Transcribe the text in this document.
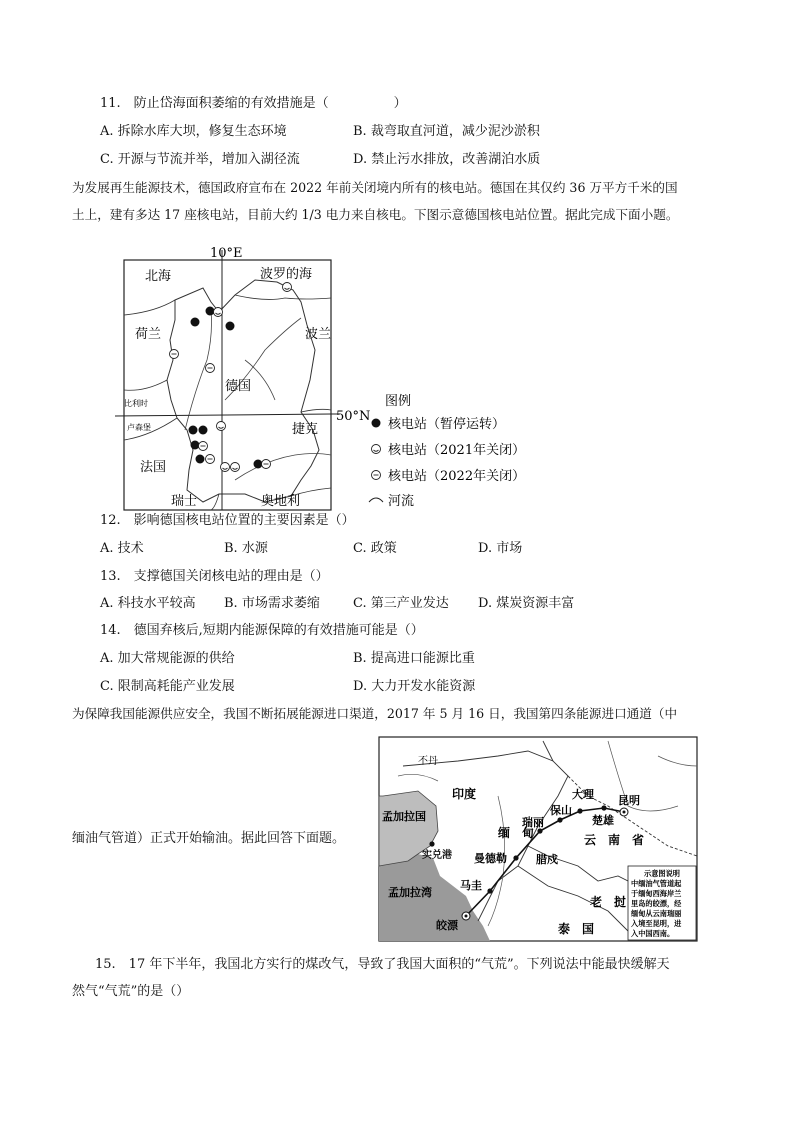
11.　防止岱海面积萎缩的有效措施是（　　　　　）
A. 拆除水库大坝，修复生态环境	B. 裁弯取直河道，减少泥沙淤积
C. 开源与节流并举，增加入湖径流	D. 禁止污水排放，改善湖泊水质
为发展再生能源技术，德国政府宣布在 2022 年前关闭境内所有的核电站。德国在其仅约 36 万平方千米的国
土上，建有多达 17 座核电站，目前大约 1/3 电力来自核电。下图示意德国核电站位置。据此完成下面小题。
10°E
50°N
北海	波罗的海
荷兰	波兰
德国
比利时
卢森堡	捷克
法国
瑞士	奥地利
图例
核电站（暂停运转）
核电站（2021年关闭）
核电站（2022年关闭）
河流
12.　影响德国核电站位置的主要因素是（）
A. 技术	B. 水源	C. 政策	D. 市场
13.　支撑德国关闭核电站的理由是（）
A. 科技水平较高 B. 市场需求萎缩	C. 第三产业发达 D. 煤炭资源丰富
14.　德国弃核后,短期内能源保障的有效措施可能是（）
A. 加大常规能源的供给	B. 提高进口能源比重
C. 限制高耗能产业发展	D. 大力开发水能资源
为保障我国能源供应安全，我国不断拓展能源进口渠道，2017 年 5 月 16 日，我国第四条能源进口通道（中
缅油气管道）正式开始输油。据此回答下面题。
不丹
印度
孟加拉国
缅　甸	云　南　省
老　挝
泰　国
孟加拉湾
昆明
大理
保山
楚雄
瑞丽
曼德勒	腊戍
实兑港
马圭
皎漂
示意图说明
中缅油气管道起
于缅甸西海岸兰
里岛的皎漂，经
缅甸从云南瑞丽
入境至昆明，进
入中国西南。
15.　17 年下半年，我国北方实行的煤改气，导致了我国大面积的“气荒”。下列说法中能最快缓解天
然气“气荒”的是（）
